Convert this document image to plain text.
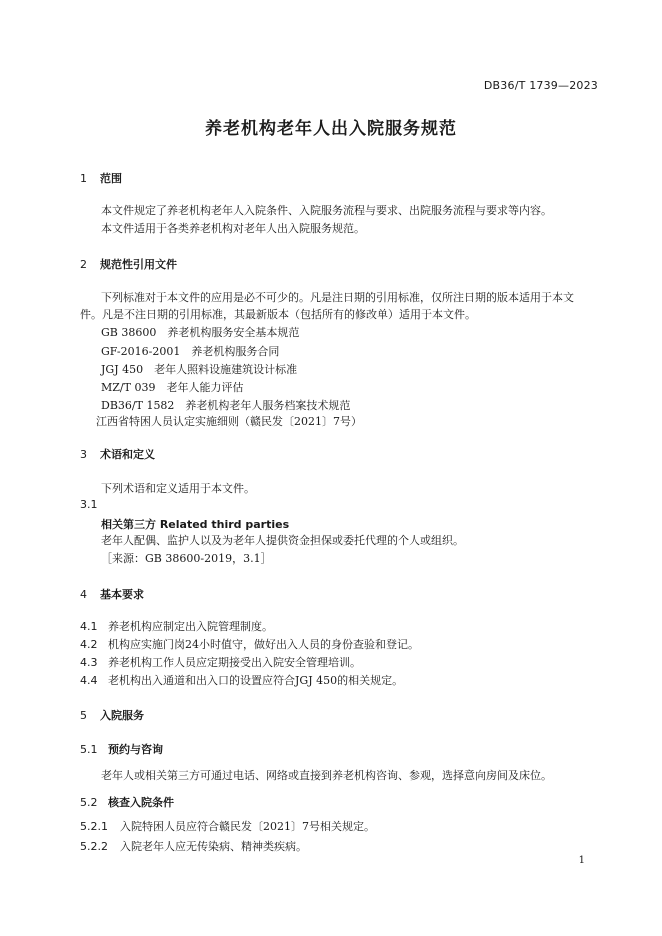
DB36/T 1739—2023
养老机构老年人出入院服务规范
1 范围
本文件规定了养老机构老年人入院条件、入院服务流程与要求、出院服务流程与要求等内容。
本文件适用于各类养老机构对老年人出入院服务规范。
2 规范性引用文件
下列标准对于本文件的应用是必不可少的。凡是注日期的引用标准，仅所注日期的版本适用于本文
件。凡是不注日期的引用标准，其最新版本（包括所有的修改单）适用于本文件。
GB 38600　养老机构服务安全基本规范
GF-2016-2001　养老机构服务合同
JGJ 450　老年人照料设施建筑设计标准
MZ/T 039　老年人能力评估
DB36/T 1582　养老机构老年人服务档案技术规范
江西省特困人员认定实施细则（赣民发〔2021〕7号）
3 术语和定义
下列术语和定义适用于本文件。
3.1
相关第三方 Related third parties
老年人配偶、监护人以及为老年人提供资金担保或委托代理的个人或组织。
［来源：GB 38600-2019，3.1］
4 基本要求
4.1 养老机构应制定出入院管理制度。
4.2 机构应实施门岗24小时值守，做好出入人员的身份查验和登记。
4.3 养老机构工作人员应定期接受出入院安全管理培训。
4.4 老机构出入通道和出入口的设置应符合JGJ 450的相关规定。
5 入院服务
5.1 预约与咨询
老年人或相关第三方可通过电话、网络或直接到养老机构咨询、参观，选择意向房间及床位。
5.2 核查入院条件
5.2.1 入院特困人员应符合赣民发〔2021〕7号相关规定。
5.2.2 入院老年人应无传染病、精神类疾病。
1
